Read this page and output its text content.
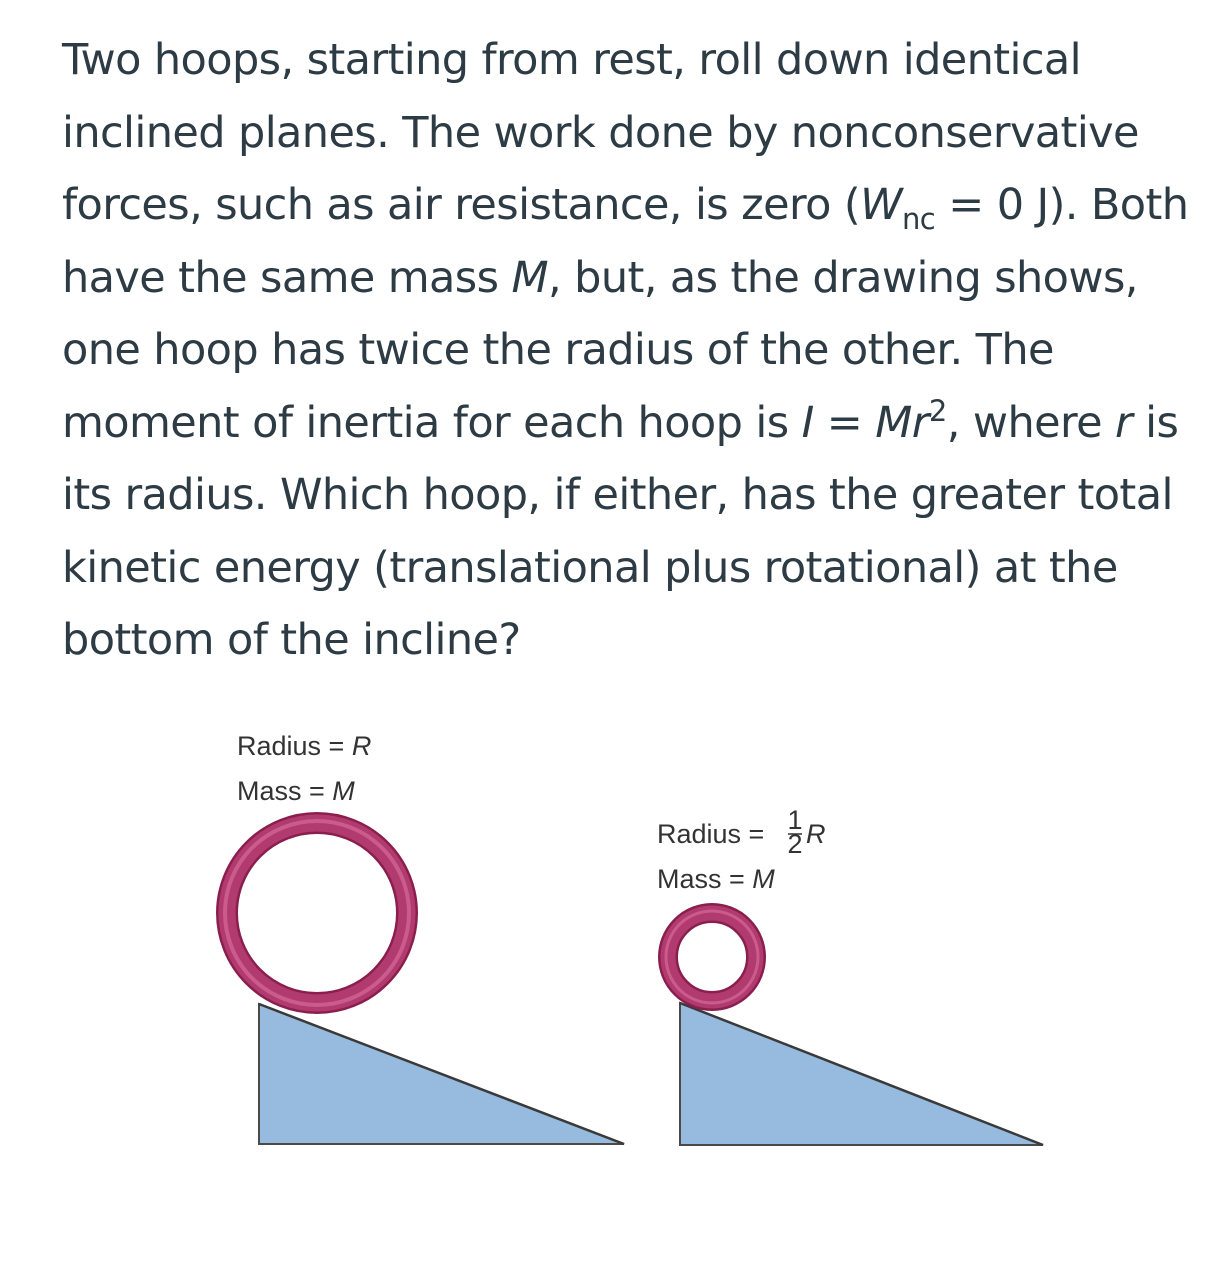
Two hoops, starting from rest, roll down identical inclined planes. The work done by nonconservative forces, such as air resistance, is zero ($W_{nc} = 0$ J). Both have the same mass M, but, as the drawing shows, one hoop has twice the radius of the other. The moment of inertia for each hoop is $I = Mr^2$, where r is its radius. Which hoop, if either, has the greater total kinetic energy (translational plus rotational) at the bottom of the incline?

Radius = R
Mass = M
Radius = 1
2 R
Mass = M
